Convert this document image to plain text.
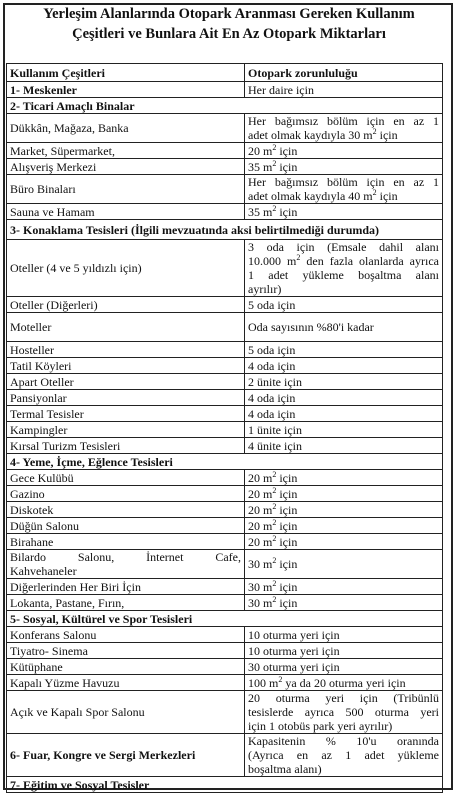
Yerleşim Alanlarında Otopark Aranması Gereken Kullanım
Çeşitleri ve Bunlara Ait En Az Otopark Miktarları
Kullanım Çeşitleri	Otopark zorunluluğu
1- Meskenler	Her daire için
2- Ticari Amaçlı Binalar	
Dükkân, Mağaza, Banka	Her bağımsız bölüm için en az 1
adet olmak kaydıyla 30 $m^2$ için

Market, Süpermarket,	20 $m^2$ için
Alışveriş Merkezi	35 $m^2$ için
Büro Binaları	Her bağımsız bölüm için en az 1
adet olmak kaydıyla 40 $m^2$ için

Sauna ve Hamam	35 $m^2$ için
3- Konaklama Tesisleri (İlgili mevzuatında aksi belirtilmediği durumda)	
Oteller (4 ve 5 yıldızlı için)	3 oda için (Emsale dahil alanı
10.000 $m^2$ den fazla olanlarda ayrıca
1 adet yükleme boşaltma alanı
ayrılır)

Oteller (Diğerleri)	5 oda için
Moteller	Oda sayısının %80'i kadar
Hosteller	5 oda için
Tatil Köyleri	4 oda için
Apart Oteller	2 ünite için
Pansiyonlar	4 oda için
Termal Tesisler	4 oda için
Kampingler	1 ünite için
Kırsal Turizm Tesisleri	4 ünite için
4- Yeme, İçme, Eğlence Tesisleri	
Gece Kulübü	20 $m^2$ için
Gazino	20 $m^2$ için
Diskotek	20 $m^2$ için
Düğün Salonu	20 $m^2$ için
Birahane	20 $m^2$ için

Bilardo Salonu, İnternet Cafe,
Kahvehaneler	30 $m^2$ için
Diğerlerinden Her Biri İçin	30 $m^2$ için
Lokanta, Pastane, Fırın,	30 $m^2$ için
5- Sosyal, Kültürel ve Spor Tesisleri	
Konferans Salonu	10 oturma yeri için
Tiyatro- Sinema	10 oturma yeri için
Kütüphane	30 oturma yeri için
Kapalı Yüzme Havuzu	100 $m^2$ ya da 20 oturma yeri için
Açık ve Kapalı Spor Salonu	20 oturma yeri için (Tribünlü
tesislerde ayrıca 500 oturma yeri
için 1 otobüs park yeri ayrılır)

6- Fuar, Kongre ve Sergi Merkezleri	Kapasitenin % 10'u oranında
(Ayrıca en az 1 adet yükleme
boşaltma alanı)

7- Eğitim ve Sosyal Tesisler	
